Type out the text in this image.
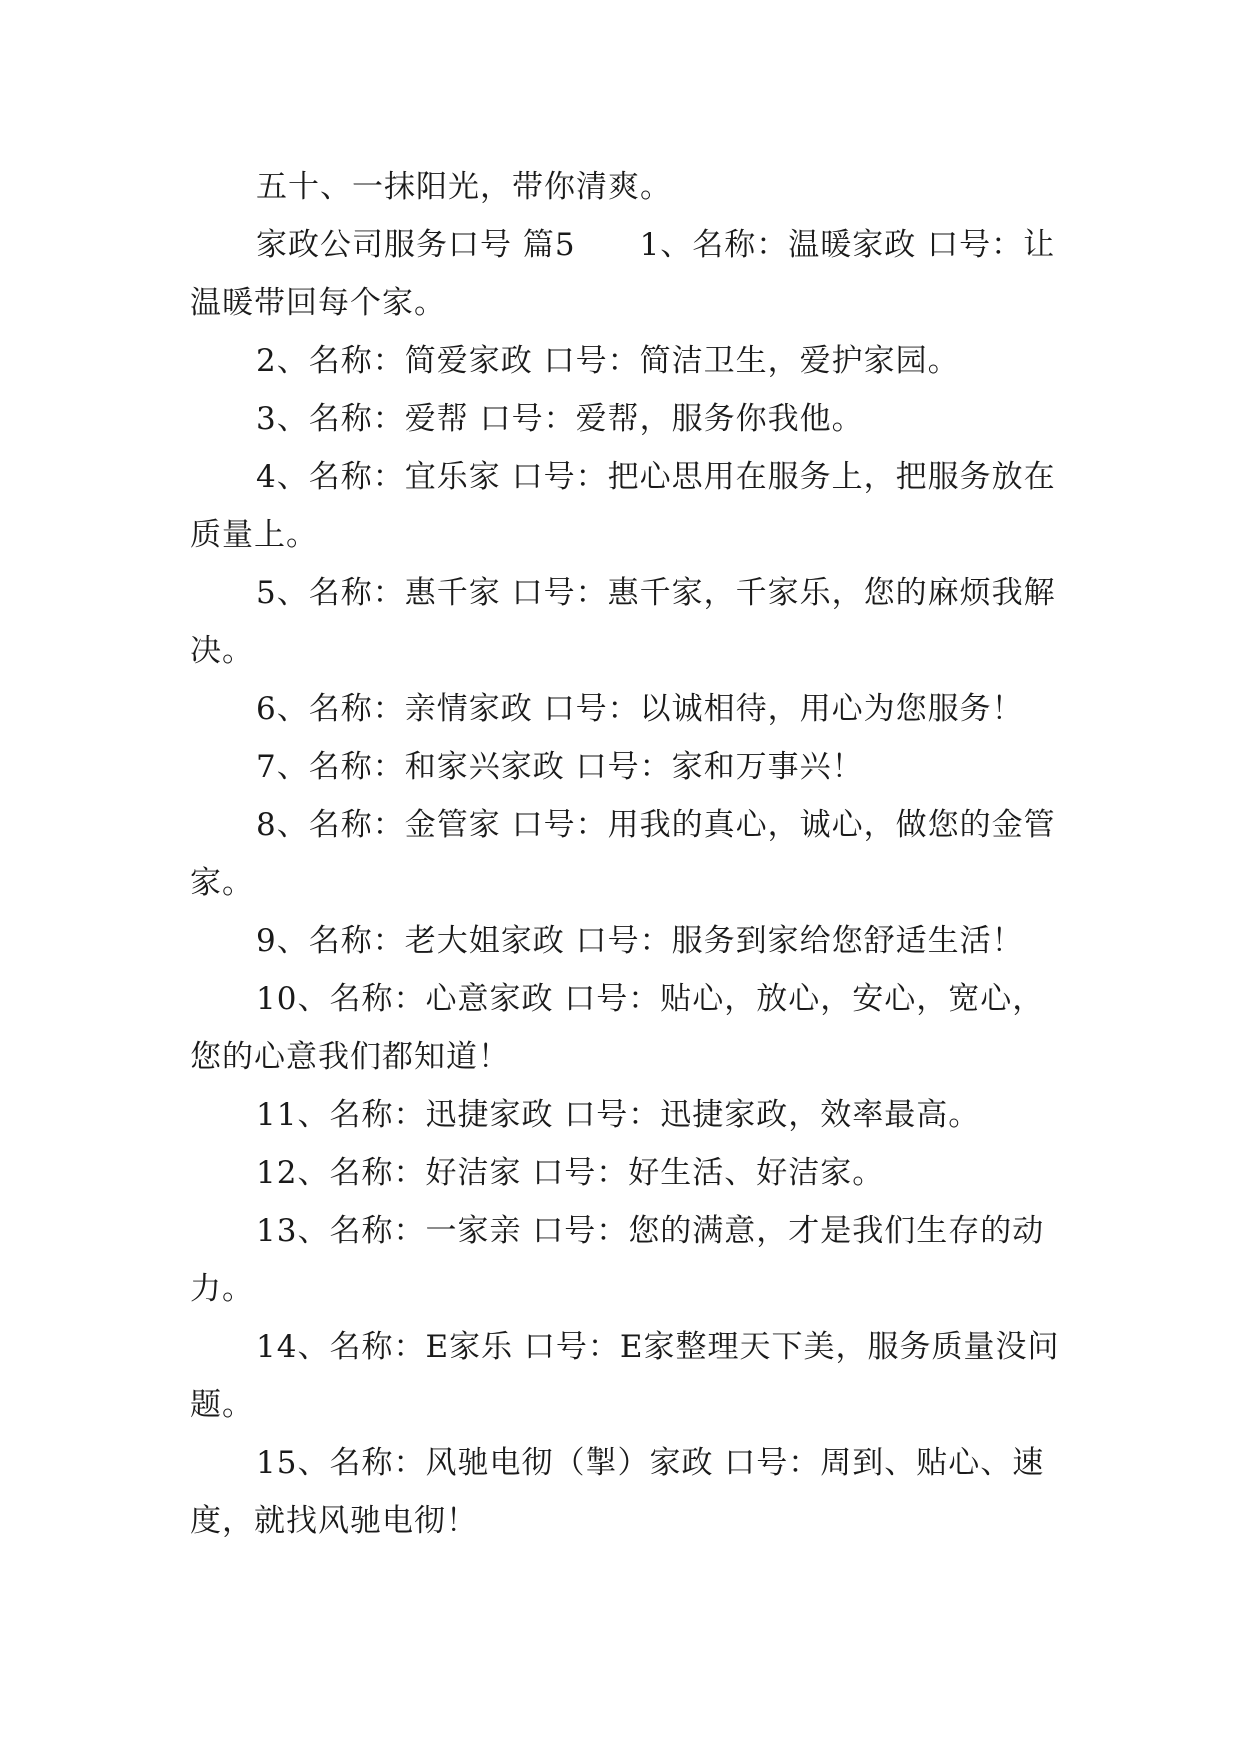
五十、一抹阳光，带你清爽。

家政公司服务口号 篇5　　1、名称：温暖家政 口号：让温暖带回每个家。

2、名称：简爱家政 口号：简洁卫生，爱护家园。

3、名称：爱帮 口号：爱帮，服务你我他。

4、名称：宜乐家 口号：把心思用在服务上，把服务放在质量上。

5、名称：惠千家 口号：惠千家，千家乐，您的麻烦我解决。

6、名称：亲情家政 口号：以诚相待，用心为您服务！

7、名称：和家兴家政 口号：家和万事兴！

8、名称：金管家 口号：用我的真心，诚心，做您的金管家。

9、名称：老大姐家政 口号：服务到家给您舒适生活！

10、名称：心意家政 口号：贴心，放心，安心，宽心，您的心意我们都知道！

11、名称：迅捷家政 口号：迅捷家政，效率最高。

12、名称：好洁家 口号：好生活、好洁家。

13、名称：一家亲 口号：您的满意，才是我们生存的动力。

14、名称：E家乐 口号：E家整理天下美，服务质量没问题。

15、名称：风驰电彻（掣）家政 口号：周到、贴心、速度，就找风驰电彻！
